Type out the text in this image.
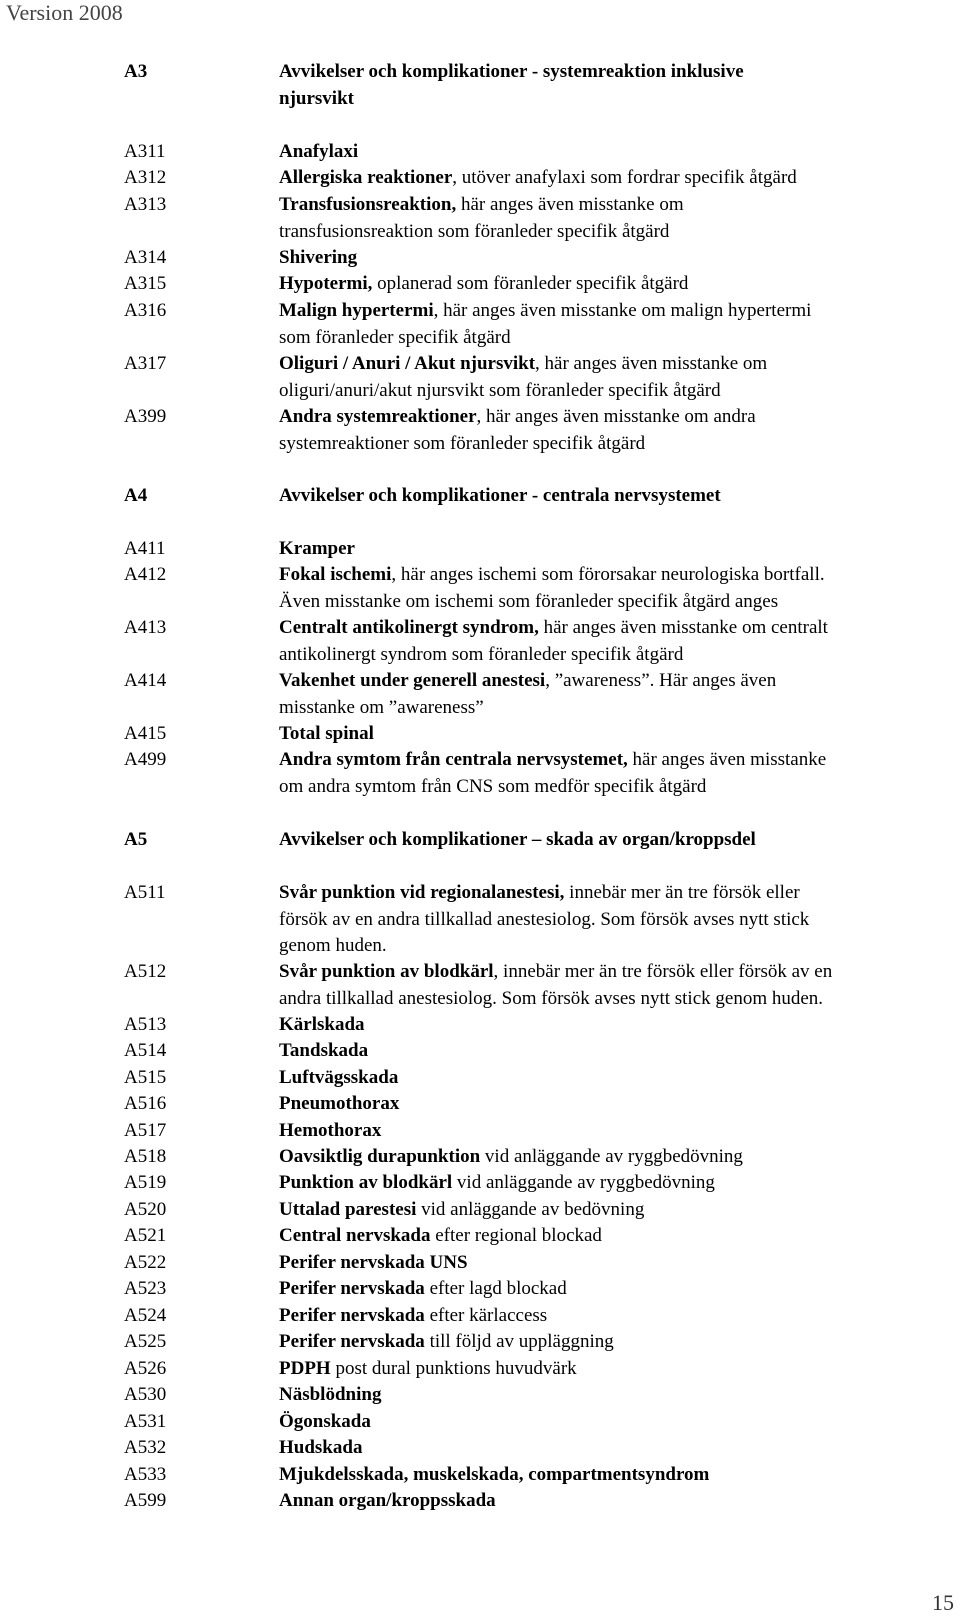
Version 2008
A3	Avvikelser och komplikationer - systemreaktion inklusive
njursvikt
A311	Anafylaxi
A312	Allergiska reaktioner, utöver anafylaxi som fordrar specifik åtgärd
A313	Transfusionsreaktion, här anges även misstanke om
transfusionsreaktion som föranleder specifik åtgärd
A314	Shivering
A315	Hypotermi, oplanerad som föranleder specifik åtgärd
A316	Malign hypertermi, här anges även misstanke om malign hypertermi
som föranleder specifik åtgärd
A317	Oliguri / Anuri / Akut njursvikt, här anges även misstanke om
oliguri/anuri/akut njursvikt som föranleder specifik åtgärd
A399	Andra systemreaktioner, här anges även misstanke om andra
systemreaktioner som föranleder specifik åtgärd
A4	Avvikelser och komplikationer - centrala nervsystemet
A411	Kramper
A412	Fokal ischemi, här anges ischemi som förorsakar neurologiska bortfall.
Även misstanke om ischemi som föranleder specifik åtgärd anges
A413	Centralt antikolinergt syndrom, här anges även misstanke om centralt
antikolinergt syndrom som föranleder specifik åtgärd
A414	Vakenhet under generell anestesi, ”awareness”. Här anges även
misstanke om ”awareness”
A415	Total spinal
A499	Andra symtom från centrala nervsystemet, här anges även misstanke
om andra symtom från CNS som medför specifik åtgärd
A5	Avvikelser och komplikationer – skada av organ/kroppsdel
A511	Svår punktion vid regionalanestesi, innebär mer än tre försök eller
försök av en andra tillkallad anestesiolog. Som försök avses nytt stick
genom huden.
A512	Svår punktion av blodkärl, innebär mer än tre försök eller försök av en
andra tillkallad anestesiolog. Som försök avses nytt stick genom huden.
A513	Kärlskada
A514	Tandskada
A515	Luftvägsskada
A516	Pneumothorax
A517	Hemothorax
A518	Oavsiktlig durapunktion vid anläggande av ryggbedövning
A519	Punktion av blodkärl vid anläggande av ryggbedövning
A520	Uttalad parestesi vid anläggande av bedövning
A521	Central nervskada efter regional blockad
A522	Perifer nervskada UNS
A523	Perifer nervskada efter lagd blockad
A524	Perifer nervskada efter kärlaccess
A525	Perifer nervskada till följd av uppläggning
A526	PDPH post dural punktions huvudvärk
A530	Näsblödning
A531	Ögonskada
A532	Hudskada
A533	Mjukdelsskada, muskelskada, compartmentsyndrom
A599	Annan organ/kroppsskada
15
